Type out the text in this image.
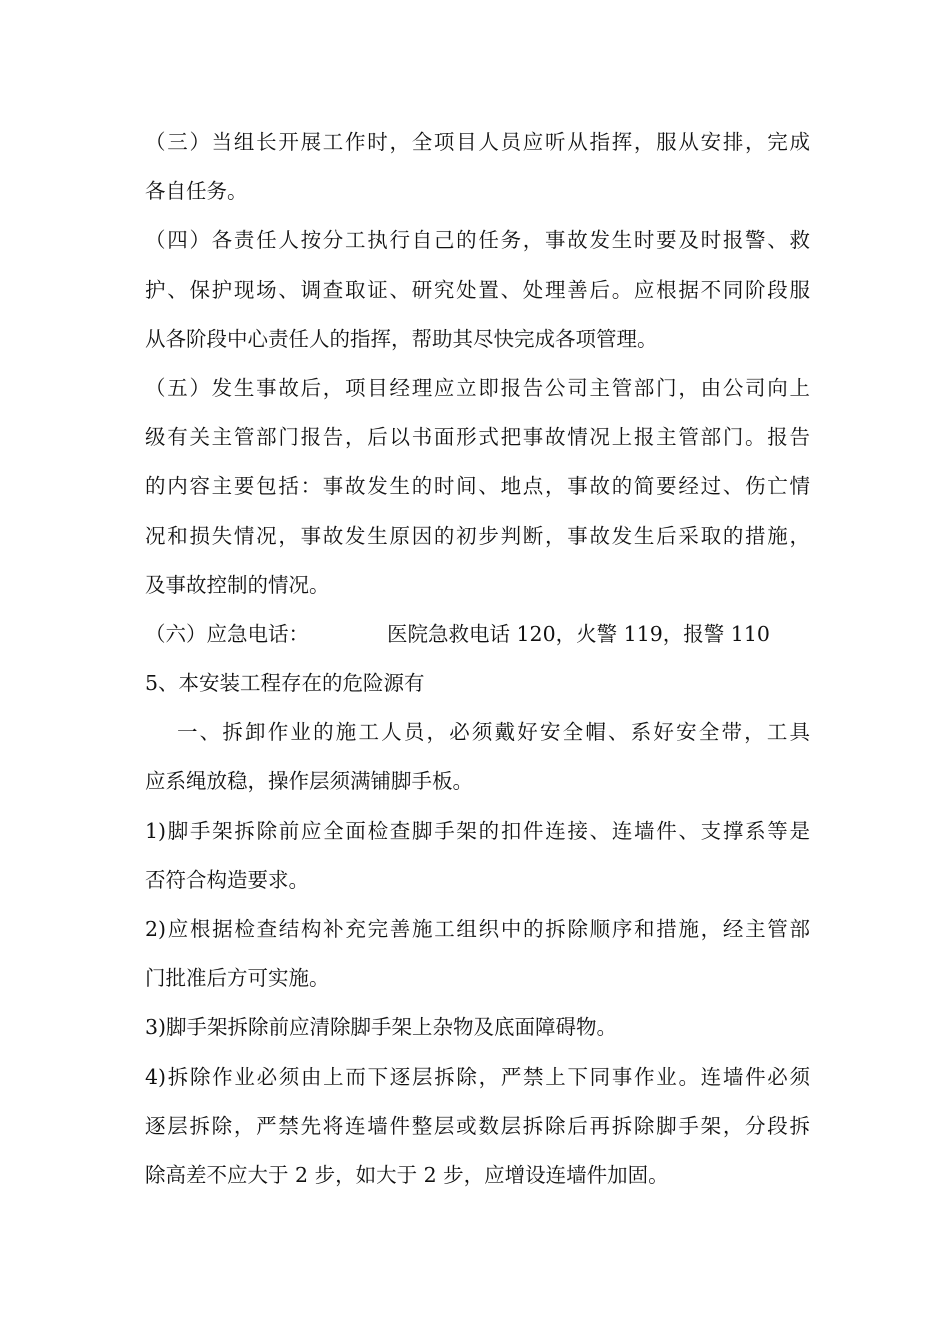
（三）当组长开展工作时，全项目人员应听从指挥，服从安排，完成
各自任务。
（四）各责任人按分工执行自己的任务，事故发生时要及时报警、救
护、保护现场、调查取证、研究处置、处理善后。应根据不同阶段服
从各阶段中心责任人的指挥，帮助其尽快完成各项管理。
（五）发生事故后，项目经理应立即报告公司主管部门，由公司向上
级有关主管部门报告，后以书面形式把事故情况上报主管部门。报告
的内容主要包括：事故发生的时间、地点，事故的简要经过、伤亡情
况和损失情况，事故发生原因的初步判断，事故发生后采取的措施，
及事故控制的情况。
（六）应急电话：	医院急救电话 120，火警 119，报警 110
5、本安装工程存在的危险源有
一、拆卸作业的施工人员，必须戴好安全帽、系好安全带，工具
应系绳放稳，操作层须满铺脚手板。
1)脚手架拆除前应全面检查脚手架的扣件连接、连墙件、支撑系等是
否符合构造要求。
2)应根据检查结构补充完善施工组织中的拆除顺序和措施，经主管部
门批准后方可实施。
3)脚手架拆除前应清除脚手架上杂物及底面障碍物。
4)拆除作业必须由上而下逐层拆除，严禁上下同事作业。连墙件必须
逐层拆除，严禁先将连墙件整层或数层拆除后再拆除脚手架，分段拆
除高差不应大于 2 步，如大于 2 步，应增设连墙件加固。
